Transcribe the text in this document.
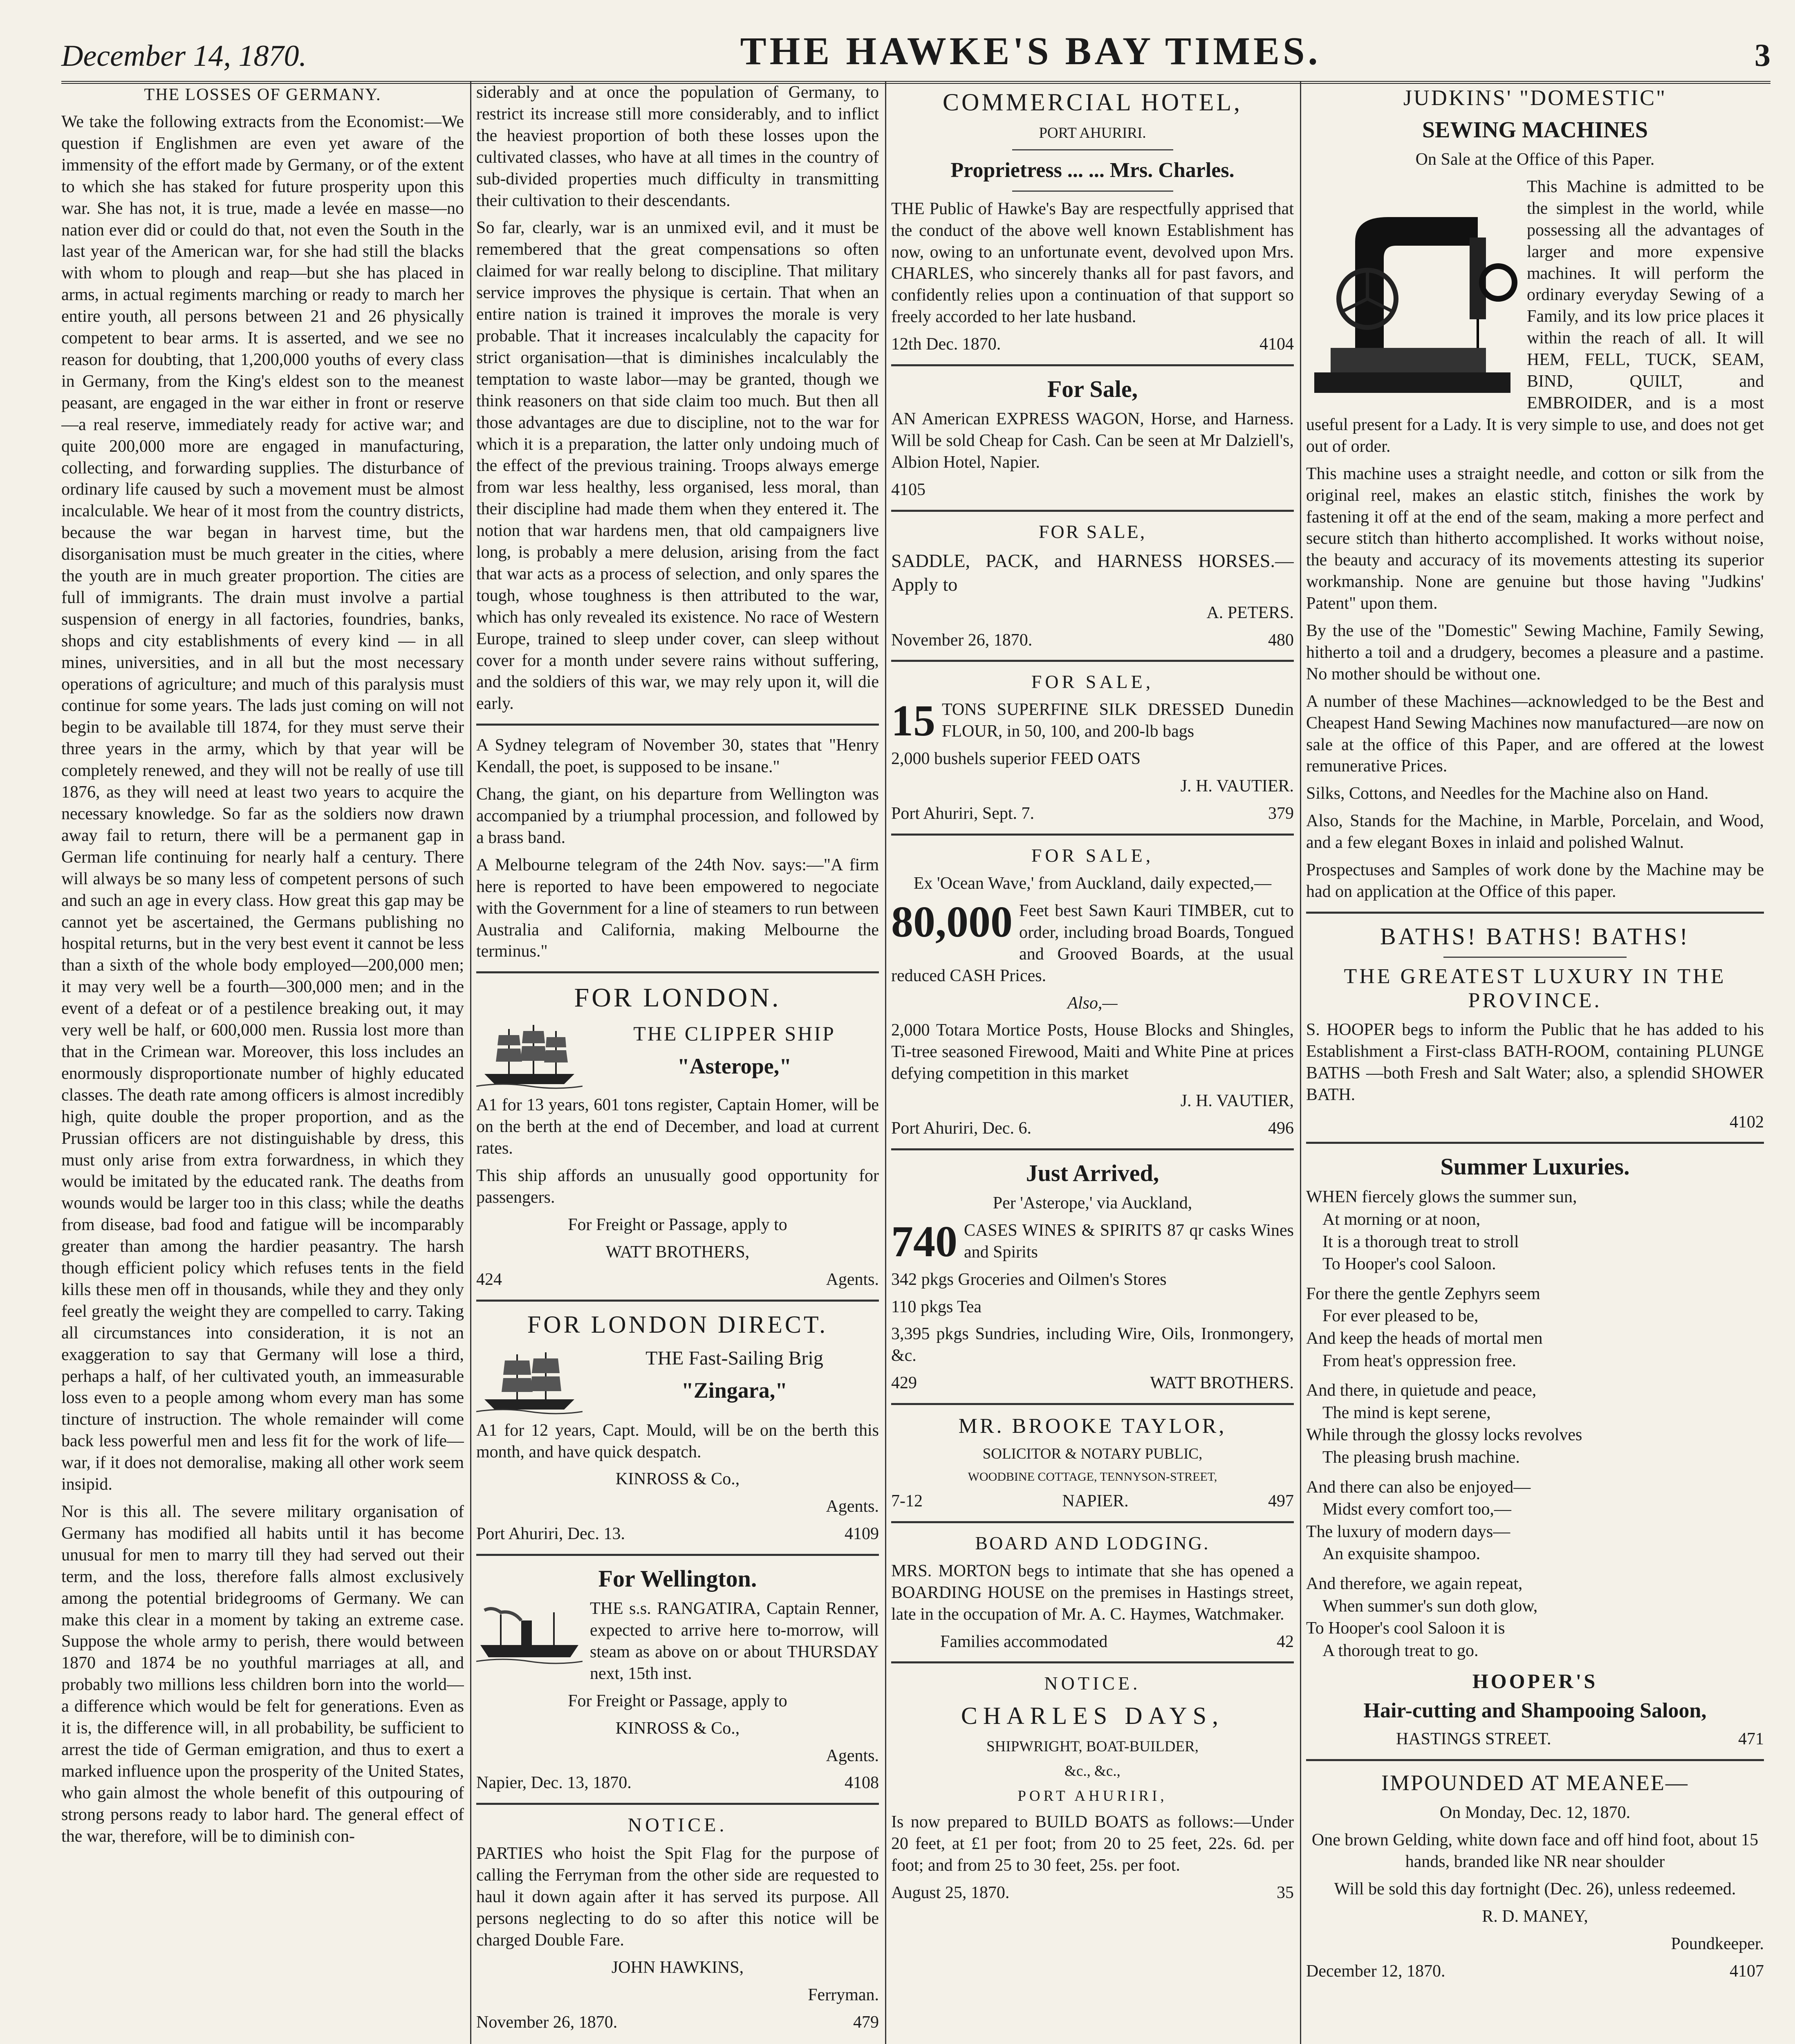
December 14, 1870.	THE HAWKE'S BAY TIMES.	3
THE LOSSES OF GERMANY.

We take the following extracts from the Economist:—We question if Englishmen are even yet aware of the immensity of the effort made by Germany, or of the extent to which she has staked for future prosperity upon this war. She has not, it is true, made a levée en masse—no nation ever did or could do that, not even the South in the last year of the American war, for she had still the blacks with whom to plough and reap—but she has placed in arms, in actual regiments marching or ready to march her entire youth, all persons between 21 and 26 physically competent to bear arms. It is asserted, and we see no reason for doubting, that 1,200,000 youths of every class in Germany, from the King's eldest son to the meanest peasant, are engaged in the war either in front or reserve—a real reserve, immediately ready for active war; and quite 200,000 more are engaged in manufacturing, collecting, and forwarding supplies. The disturbance of ordinary life caused by such a movement must be almost incalculable. We hear of it most from the country districts, because the war began in harvest time, but the disorganisation must be much greater in the cities, where the youth are in much greater proportion. The cities are full of immigrants. The drain must involve a partial suspension of energy in all factories, foundries, banks, shops and city establishments of every kind — in all mines, universities, and in all but the most necessary operations of agriculture; and much of this paralysis must continue for some years. The lads just coming on will not begin to be available till 1874, for they must serve their three years in the army, which by that year will be completely renewed, and they will not be really of use till 1876, as they will need at least two years to acquire the necessary knowledge. So far as the soldiers now drawn away fail to return, there will be a permanent gap in German life continuing for nearly half a century. There will always be so many less of competent persons of such and such an age in every class. How great this gap may be cannot yet be ascertained, the Germans publishing no hospital returns, but in the very best event it cannot be less than a sixth of the whole body employed—200,000 men; it may very well be a fourth—300,000 men; and in the event of a defeat or of a pestilence breaking out, it may very well be half, or 600,000 men. Russia lost more than that in the Crimean war. Moreover, this loss includes an enormously disproportionate number of highly educated classes. The death rate among officers is almost incredibly high, quite double the proper proportion, and as the Prussian officers are not distinguishable by dress, this must only arise from extra forwardness, in which they would be imitated by the educated rank. The deaths from wounds would be larger too in this class; while the deaths from disease, bad food and fatigue will be incomparably greater than among the hardier peasantry. The harsh though efficient policy which refuses tents in the field kills these men off in thousands, while they and they only feel greatly the weight they are compelled to carry. Taking all circumstances into consideration, it is not an exaggeration to say that Germany will lose a third, perhaps a half, of her cultivated youth, an immeasurable loss even to a people among whom every man has some tincture of instruction. The whole remainder will come back less powerful men and less fit for the work of life—war, if it does not demoralise, making all other work seem insipid.

Nor is this all. The severe military organisation of Germany has modified all habits until it has become unusual for men to marry till they had served out their term, and the loss, therefore falls almost exclusively among the potential bridegrooms of Germany. We can make this clear in a moment by taking an extreme case. Suppose the whole army to perish, there would between 1870 and 1874 be no youthful marriages at all, and probably two millions less children born into the world—a difference which would be felt for generations. Even as it is, the difference will, in all probability, be sufficient to arrest the tide of German emigration, and thus to exert a marked influence upon the prosperity of the United States, who gain almost the whole benefit of this outpouring of strong persons ready to labor hard. The general effect of the war, therefore, will be to diminish con-

siderably and at once the population of Germany, to restrict its increase still more considerably, and to inflict the heaviest proportion of both these losses upon the cultivated classes, who have at all times in the country of sub-divided properties much difficulty in transmitting their cultivation to their descendants.

So far, clearly, war is an unmixed evil, and it must be remembered that the great compensations so often claimed for war really belong to discipline. That military service improves the physique is certain. That when an entire nation is trained it improves the morale is very probable. That it increases incalculably the capacity for strict organisation—that is diminishes incalculably the temptation to waste labor—may be granted, though we think reasoners on that side claim too much. But then all those advantages are due to discipline, not to the war for which it is a preparation, the latter only undoing much of the effect of the previous training. Troops always emerge from war less healthy, less organised, less moral, than their discipline had made them when they entered it. The notion that war hardens men, that old campaigners live long, is probably a mere delusion, arising from the fact that war acts as a process of selection, and only spares the tough, whose toughness is then attributed to the war, which has only revealed its existence. No race of Western Europe, trained to sleep under cover, can sleep without cover for a month under severe rains without suffering, and the soldiers of this war, we may rely upon it, will die early.

A Sydney telegram of November 30, states that "Henry Kendall, the poet, is supposed to be insane."

Chang, the giant, on his departure from Wellington was accompanied by a triumphal procession, and followed by a brass band.

A Melbourne telegram of the 24th Nov. says:—"A firm here is reported to have been empowered to negociate with the Government for a line of steamers to run between Australia and California, making Melbourne the terminus."

FOR LONDON.

THE CLIPPER SHIP

"Asterope,"

A1 for 13 years, 601 tons register, Captain Homer, will be on the berth at the end of December, and load at current rates.

This ship affords an unusually good opportunity for passengers.

For Freight or Passage, apply to

WATT BROTHERS,

424	Agents.
FOR LONDON DIRECT.

THE Fast-Sailing Brig

"Zingara,"

A1 for 12 years, Capt. Mould, will be on the berth this month, and have quick despatch.

KINROSS & Co.,

Agents.

Port Ahuriri, Dec. 13.	4109
For Wellington.

THE s.s. RANGATIRA, Captain Renner, expected to arrive here to-morrow, will steam as above on or about THURSDAY next, 15th inst.

For Freight or Passage, apply to

KINROSS & Co.,

Agents.

Napier, Dec. 13, 1870.	4108
NOTICE.

PARTIES who hoist the Spit Flag for the purpose of calling the Ferryman from the other side are requested to haul it down again after it has served its purpose. All persons neglecting to do so after this notice will be charged Double Fare.

JOHN HAWKINS,

Ferryman.

November 26, 1870.	479
COMMERCIAL HOTEL,

PORT AHURIRI.

Proprietress ... ... Mrs. Charles.

THE Public of Hawke's Bay are respectfully apprised that the conduct of the above well known Establishment has now, owing to an unfortunate event, devolved upon Mrs. CHARLES, who sincerely thanks all for past favors, and confidently relies upon a continuation of that support so freely accorded to her late husband.

12th Dec. 1870.	4104
For Sale,

AN American EXPRESS WAGON, Horse, and Harness. Will be sold Cheap for Cash. Can be seen at Mr Dalziell's, Albion Hotel, Napier.

4105

FOR SALE,

SADDLE, PACK, and HARNESS HORSES.—Apply to

A. PETERS.

November 26, 1870.	480
FOR SALE,
15 TONS SUPERFINE SILK DRESSED Dunedin FLOUR, in 50, 100, and 200-lb bags

2,000 bushels superior FEED OATS

J. H. VAUTIER.

Port Ahuriri, Sept. 7.	379
FOR SALE,

Ex 'Ocean Wave,' from Auckland, daily expected,—

80,000 Feet best Sawn Kauri TIMBER, cut to order, including broad Boards, Tongued and Grooved Boards, at the usual reduced CASH Prices.

Also,—

2,000 Totara Mortice Posts, House Blocks and Shingles, Ti-tree seasoned Firewood, Maiti and White Pine at prices defying competition in this market

J. H. VAUTIER,

Port Ahuriri, Dec. 6.	496
Just Arrived,

Per 'Asterope,' via Auckland,

740 CASES WINES & SPIRITS 87 qr casks Wines and Spirits

342 pkgs Groceries and Oilmen's Stores

110 pkgs Tea

3,395 pkgs Sundries, including Wire, Oils, Ironmongery, &c.

429	WATT BROTHERS.
MR. BROOKE TAYLOR,

SOLICITOR & NOTARY PUBLIC,

WOODBINE COTTAGE, TENNYSON-STREET,

7-12	NAPIER.	497
BOARD AND LODGING.

MRS. MORTON begs to intimate that she has opened a BOARDING HOUSE on the premises in Hastings street, late in the occupation of Mr. A. C. Haymes, Watchmaker.

Families accommodated	42
NOTICE.

CHARLES DAYS,

SHIPWRIGHT, BOAT-BUILDER,

&c., &c.,

PORT AHURIRI,

Is now prepared to BUILD BOATS as follows:—Under 20 feet, at £1 per foot; from 20 to 25 feet, 22s. 6d. per foot; and from 25 to 30 feet, 25s. per foot.

August 25, 1870.	35
JUDKINS' "DOMESTIC"
SEWING MACHINES

On Sale at the Office of this Paper.

This Machine is admitted to be the simplest in the world, while possessing all the advantages of larger and more expensive machines. It will perform the ordinary everyday Sewing of a Family, and its low price places it within the reach of all. It will HEM, FELL, TUCK, SEAM, BIND, QUILT, and EMBROIDER, and is a most useful present for a Lady. It is very simple to use, and does not get out of order.

This machine uses a straight needle, and cotton or silk from the original reel, makes an elastic stitch, finishes the work by fastening it off at the end of the seam, making a more perfect and secure stitch than hitherto accomplished. It works without noise, the beauty and accuracy of its movements attesting its superior workmanship. None are genuine but those having "Judkins' Patent" upon them.

By the use of the "Domestic" Sewing Machine, Family Sewing, hitherto a toil and a drudgery, becomes a pleasure and a pastime. No mother should be without one.

A number of these Machines—acknowledged to be the Best and Cheapest Hand Sewing Machines now manufactured—are now on sale at the office of this Paper, and are offered at the lowest remunerative Prices.

Silks, Cottons, and Needles for the Machine also on Hand.

Also, Stands for the Machine, in Marble, Porcelain, and Wood, and a few elegant Boxes in inlaid and polished Walnut.

Prospectuses and Samples of work done by the Machine may be had on application at the Office of this paper.

BATHS! BATHS! BATHS!
THE GREATEST LUXURY IN THE PROVINCE.

S. HOOPER begs to inform the Public that he has added to his Establishment a First-class BATH-ROOM, containing PLUNGE BATHS —both Fresh and Salt Water; also, a splendid SHOWER BATH.

4102

Summer Luxuries.
WHEN fiercely glows the summer sun,
At morning or at noon,
It is a thorough treat to stroll
To Hooper's cool Saloon.
For there the gentle Zephyrs seem
For ever pleased to be,
And keep the heads of mortal men
From heat's oppression free.
And there, in quietude and peace,
The mind is kept serene,
While through the glossy locks revolves
The pleasing brush machine.
And there can also be enjoyed—
Midst every comfort too,—
The luxury of modern days—
An exquisite shampoo.
And therefore, we again repeat,
When summer's sun doth glow,
To Hooper's cool Saloon it is
A thorough treat to go.
HOOPER'S
Hair-cutting and Shampooing Saloon,
HASTINGS STREET.	471
IMPOUNDED AT MEANEE—

On Monday, Dec. 12, 1870.

One brown Gelding, white down face and off hind foot, about 15 hands, branded like NR near shoulder

Will be sold this day fortnight (Dec. 26), unless redeemed.

R. D. MANEY,

Poundkeeper.

December 12, 1870.	4107
